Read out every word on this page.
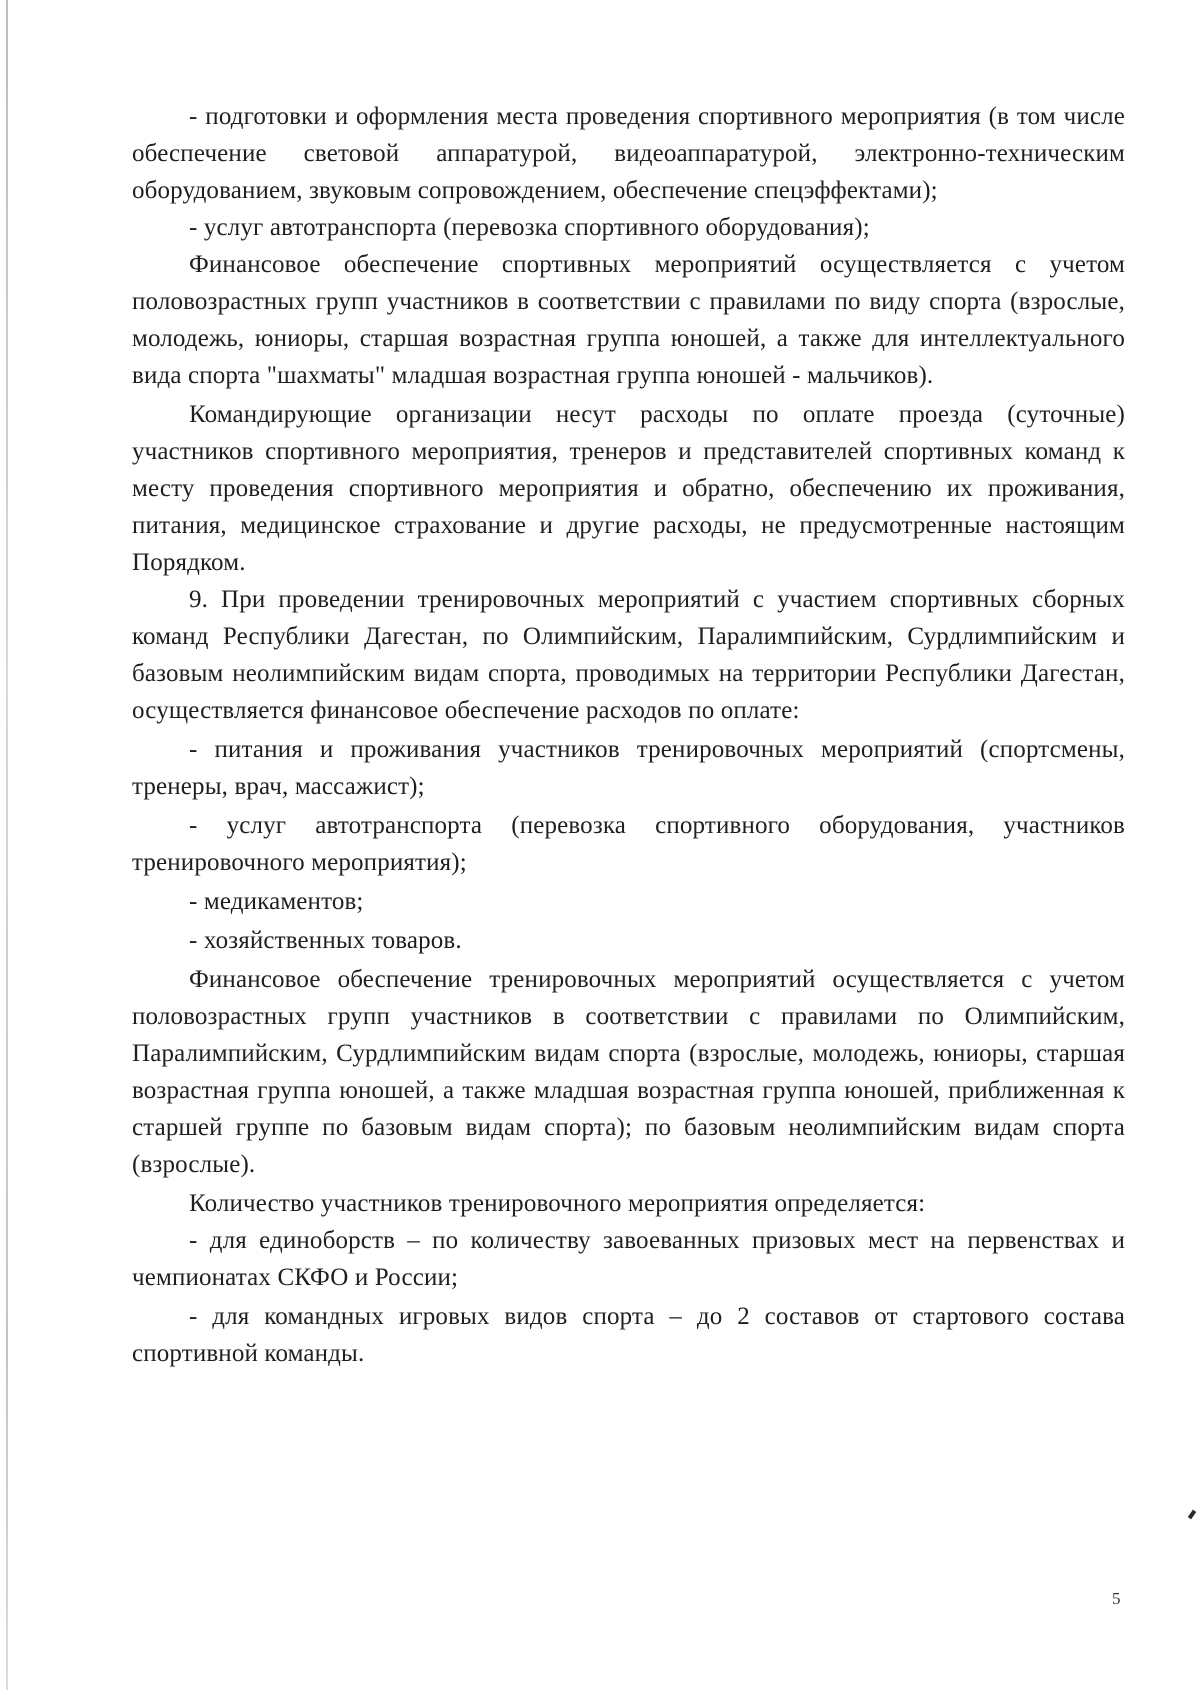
- подготовки и оформления места проведения спортивного мероприятия (в том числе обеспечение световой аппаратурой, видеоаппаратурой, электронно-техническим оборудованием, звуковым сопровождением, обеспечение спецэффектами);

- услуг автотранспорта (перевозка спортивного оборудования);

Финансовое обеспечение спортивных мероприятий осуществляется с учетом половозрастных групп участников в соответствии с правилами по виду спорта (взрослые, молодежь, юниоры, старшая возрастная группа юношей, а также для интеллектуального вида спорта "шахматы" младшая возрастная группа юношей - мальчиков).

Командирующие организации несут расходы по оплате проезда (суточные) участников спортивного мероприятия, тренеров и представителей спортивных команд к месту проведения спортивного мероприятия и обратно, обеспечению их проживания, питания, медицинское страхование и другие расходы, не предусмотренные настоящим Порядком.

9. При проведении тренировочных мероприятий с участием спортивных сборных команд Республики Дагестан, по Олимпийским, Паралимпийским, Сурдлимпийским и базовым неолимпийским видам спорта, проводимых на территории Республики Дагестан, осуществляется финансовое обеспечение расходов по оплате:

- питания и проживания участников тренировочных мероприятий (спортсмены, тренеры, врач, массажист);

- услуг автотранспорта (перевозка спортивного оборудования, участников тренировочного мероприятия);

- медикаментов;

- хозяйственных товаров.

Финансовое обеспечение тренировочных мероприятий осуществляется с учетом половозрастных групп участников в соответствии с правилами по Олимпийским, Паралимпийским, Сурдлимпийским видам спорта (взрослые, молодежь, юниоры, старшая возрастная группа юношей, а также младшая возрастная группа юношей, приближенная к старшей группе по базовым видам спорта); по базовым неолимпийским видам спорта (взрослые).

Количество участников тренировочного мероприятия определяется:

- для единоборств – по количеству завоеванных призовых мест на первенствах и чемпионатах СКФО и России;

- для командных игровых видов спорта – до 2 составов от стартового состава спортивной команды.

5
